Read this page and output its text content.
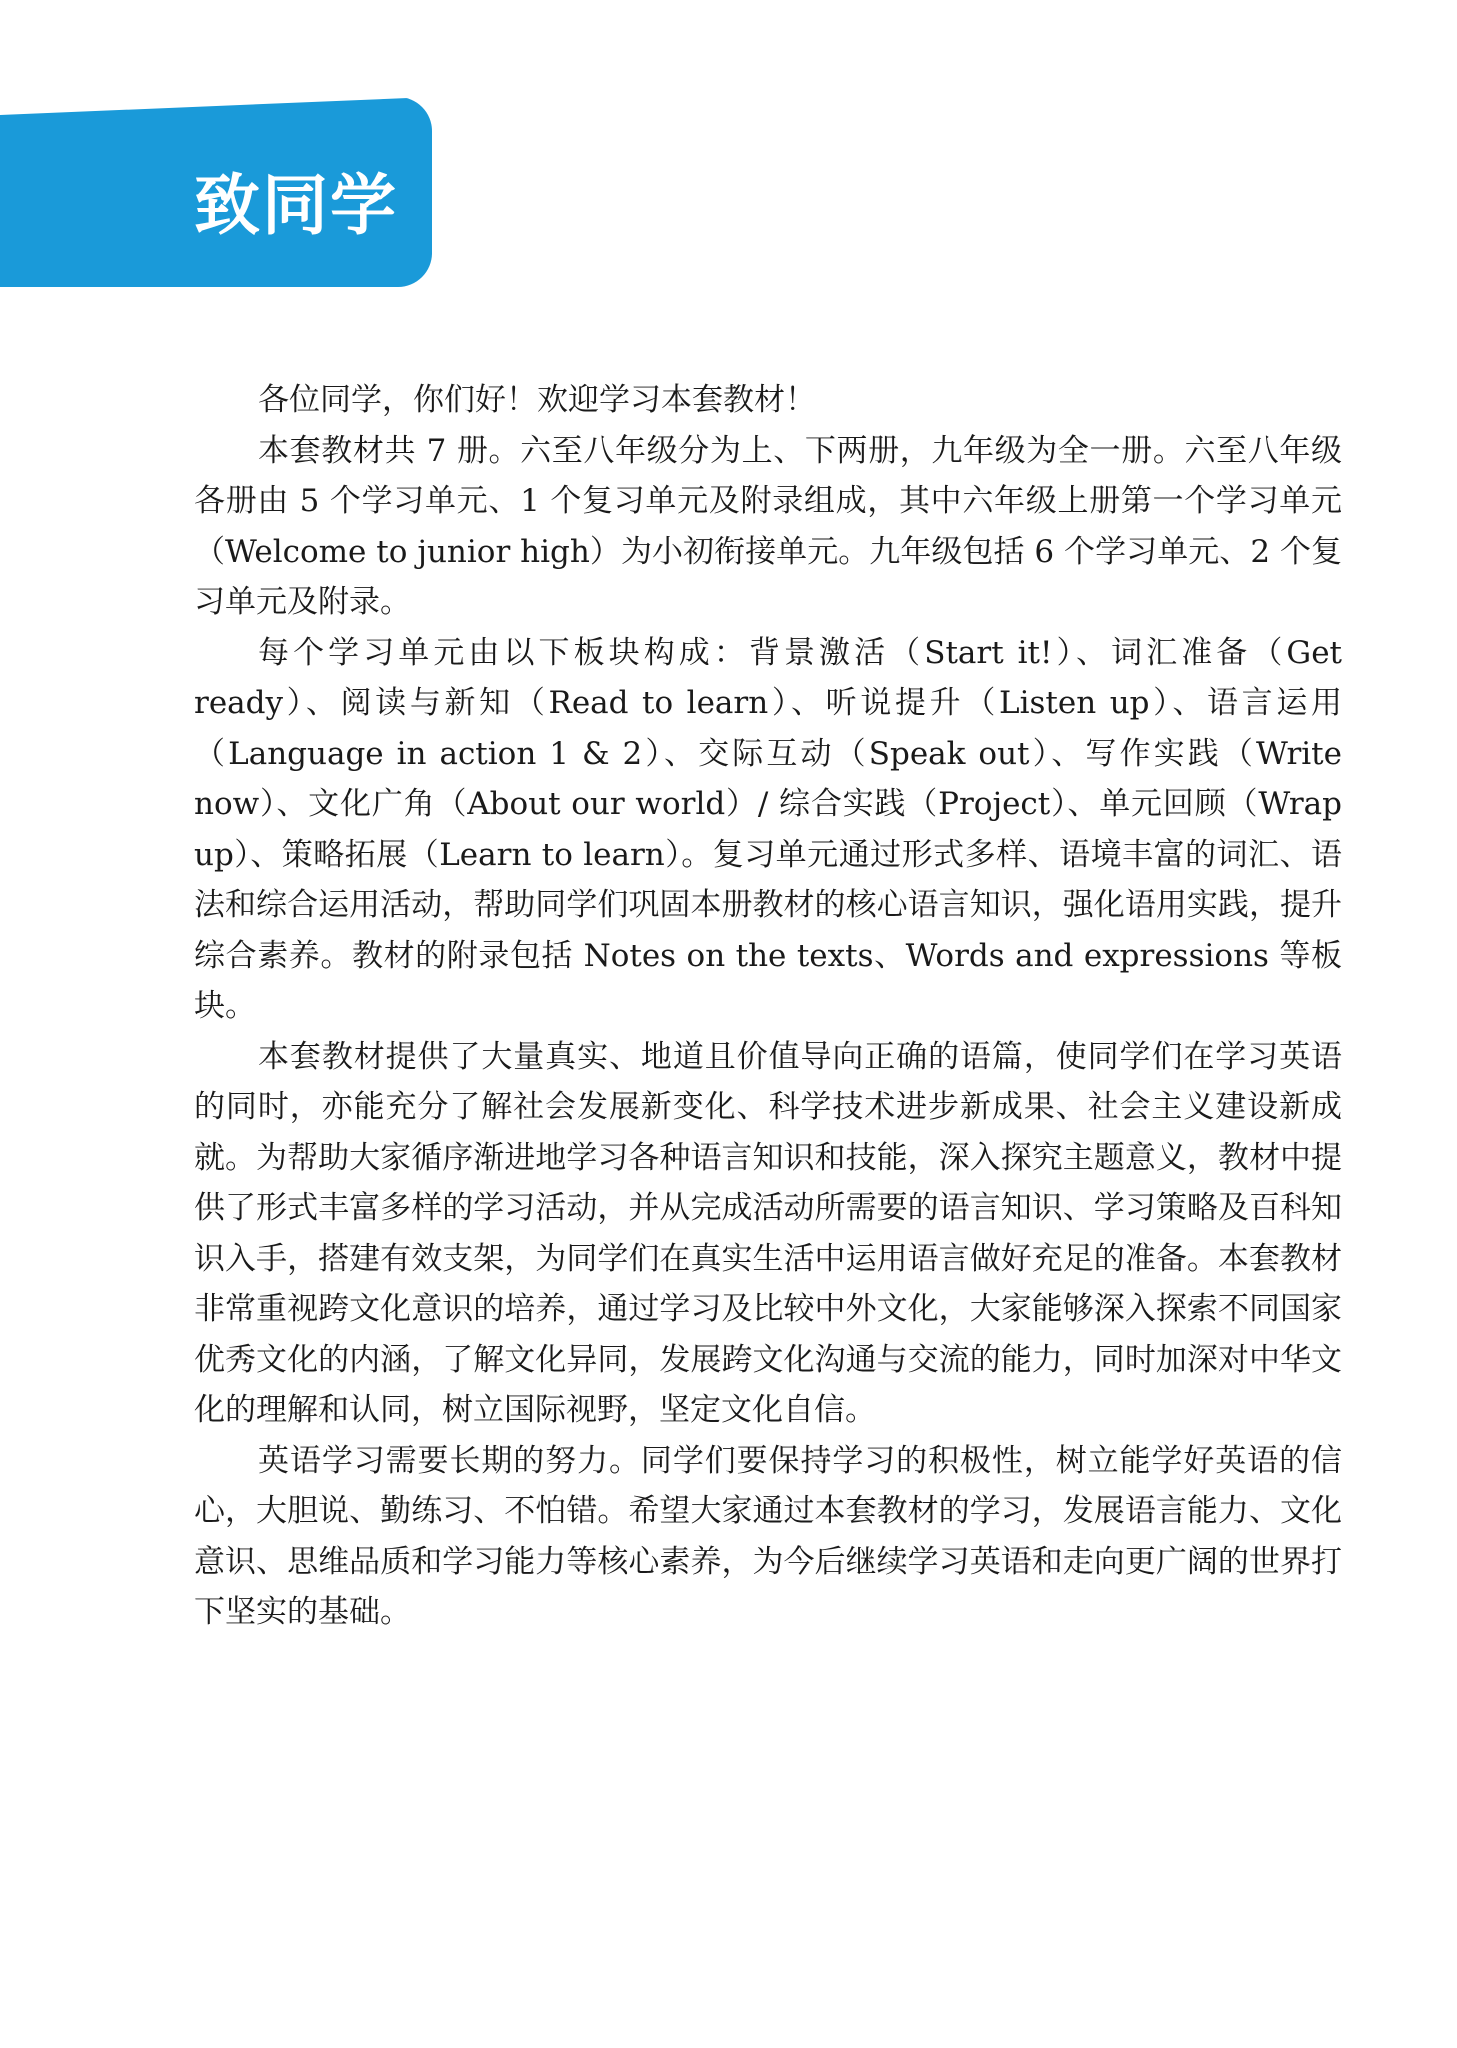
致同学

各位同学，你们好！欢迎学习本套教材！

本套教材共 7 册。六至八年级分为上、下两册，九年级为全一册。六至八年级各册由 5 个学习单元、1 个复习单元及附录组成，其中六年级上册第一个学习单元（Welcome to junior high）为小初衔接单元。九年级包括 6 个学习单元、2 个复习单元及附录。

每个学习单元由以下板块构成：背景激活（Start it!）、词汇准备（Get ready）、阅读与新知（Read to learn）、听说提升（Listen up）、语言运用（Language in action 1 & 2）、交际互动（Speak out）、写作实践（Write now）、文化广角（About our world）/ 综合实践（Project）、单元回顾（Wrap up）、策略拓展（Learn to learn）。复习单元通过形式多样、语境丰富的词汇、语法和综合运用活动，帮助同学们巩固本册教材的核心语言知识，强化语用实践，提升综合素养。教材的附录包括 Notes on the texts、Words and expressions 等板块。

本套教材提供了大量真实、地道且价值导向正确的语篇，使同学们在学习英语的同时，亦能充分了解社会发展新变化、科学技术进步新成果、社会主义建设新成就。为帮助大家循序渐进地学习各种语言知识和技能，深入探究主题意义，教材中提供了形式丰富多样的学习活动，并从完成活动所需要的语言知识、学习策略及百科知识入手，搭建有效支架，为同学们在真实生活中运用语言做好充足的准备。本套教材非常重视跨文化意识的培养，通过学习及比较中外文化，大家能够深入探索不同国家优秀文化的内涵，了解文化异同，发展跨文化沟通与交流的能力，同时加深对中华文化的理解和认同，树立国际视野，坚定文化自信。

英语学习需要长期的努力。同学们要保持学习的积极性，树立能学好英语的信心，大胆说、勤练习、不怕错。希望大家通过本套教材的学习，发展语言能力、文化意识、思维品质和学习能力等核心素养，为今后继续学习英语和走向更广阔的世界打下坚实的基础。
